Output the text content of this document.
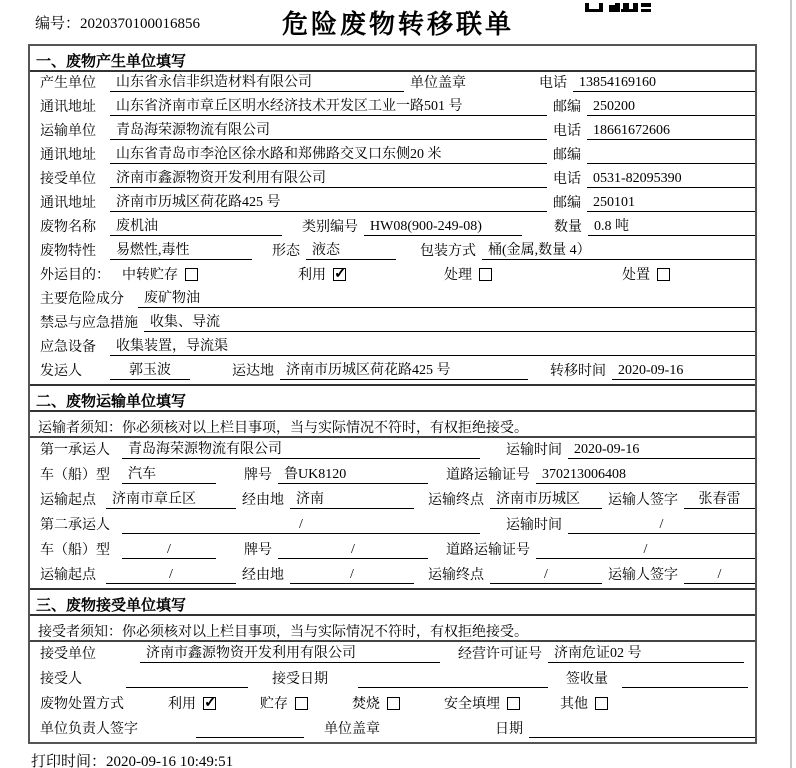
编号：2020370100016856	危险废物转移联单
一、废物产生单位填写
产生单位	山东省永信非织造材料有限公司	单位盖章	电话 13854169160
通讯地址	山东省济南市章丘区明水经济技术开发区工业一路501 号	邮编 250200
运输单位	青岛海荣源物流有限公司	电话 18661672606
通讯地址	山东省青岛市李沧区徐水路和郑佛路交叉口东侧20 米	邮编
接受单位	济南市鑫源物资开发利用有限公司	电话 0531-82095390
通讯地址	济南市历城区荷花路425 号	邮编 250101
废物名称	废机油	类别编号 HW08(900-249-08)	数量 0.8 吨
废物特性	易燃性,毒性	形态 液态	包装方式 桶(金属,数量 4）
外运目的： 中转贮存	利用 ✓	处理	处置
主要危险成分	废矿物油
禁忌与应急措施 收集、导流
应急设备	收集装置，导流渠
发运人	郭玉波	运达地 济南市历城区荷花路425 号	转移时间 2020-09-16
二、废物运输单位填写
运输者须知：你必须核对以上栏目事项，当与实际情况不符时，有权拒绝接受。
第一承运人	青岛海荣源物流有限公司	运输时间 2020-09-16
车（船）型	汽车	牌号 鲁UK8120	道路运输证号 370213006408
运输起点	济南市章丘区	经由地 济南	运输终点 济南市历城区	运输人签字	张春雷
第二承运人	/	运输时间	/
车（船）型	/	牌号	/	道路运输证号	/
运输起点	/	经由地	/	运输终点	/	运输人签字	/
三、废物接受单位填写
接受者须知：你必须核对以上栏目事项，当与实际情况不符时，有权拒绝接受。
接受单位	济南市鑫源物资开发利用有限公司	经营许可证号 济南危证02 号
接受人	接受日期	签收量
废物处置方式	利用 ✓	贮存	焚烧	安全填埋	其他
单位负责人签字	单位盖章	日期
打印时间：2020-09-16 10:49:51
